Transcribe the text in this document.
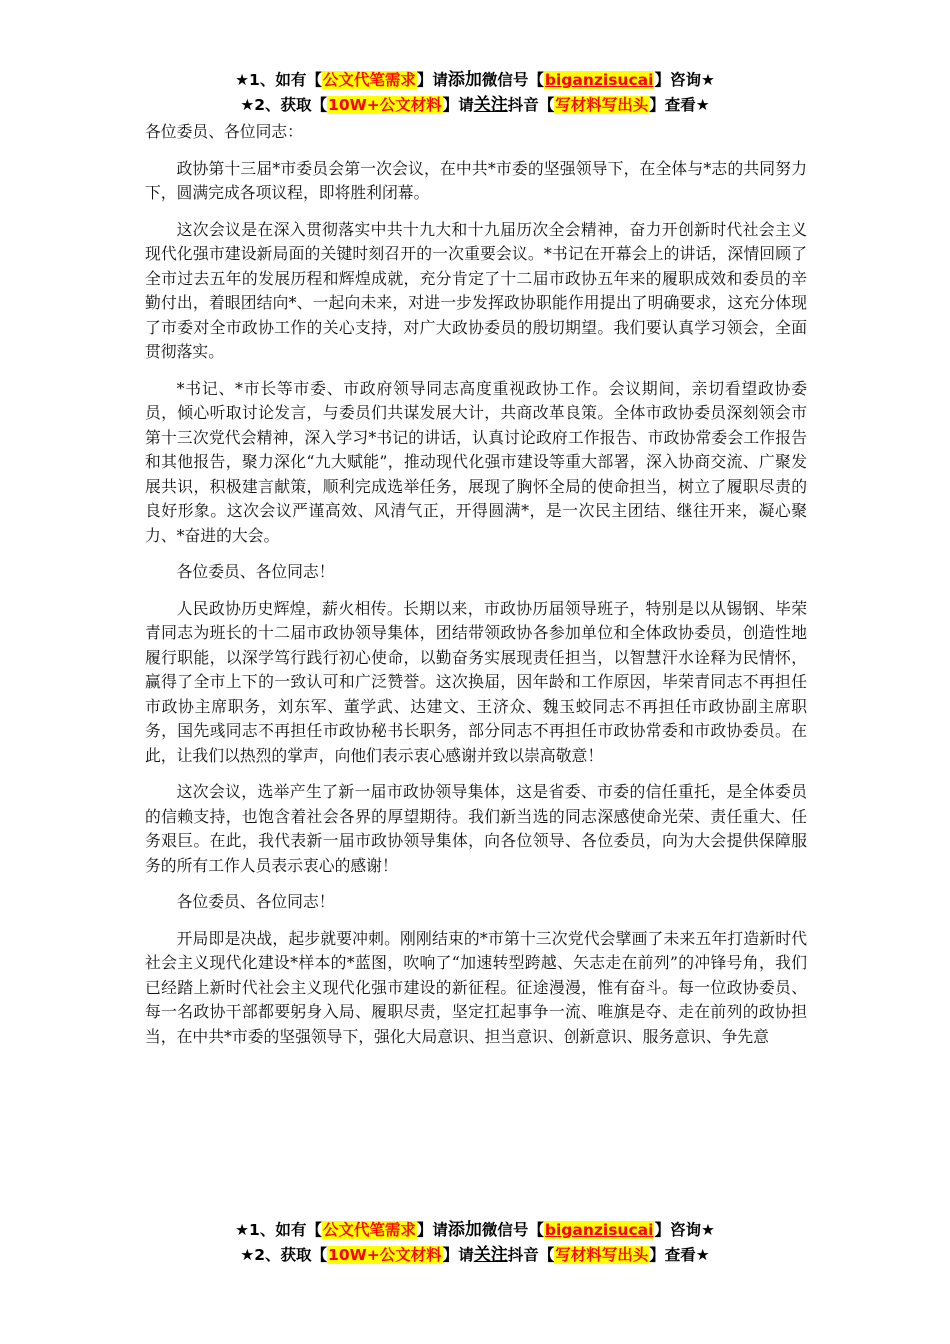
★1、如有【公文代笔需求】请添加微信号【biganzisucai】咨询★
★2、获取【10W+公文材料】请关注抖音【写材料写出头】查看★

各位委员、各位同志：

政协第十三届*市委员会第一次会议，在中共*市委的坚强领导下，在全体与*志的共同努力下，圆满完成各项议程，即将胜利闭幕。

这次会议是在深入贯彻落实中共十九大和十九届历次全会精神，奋力开创新时代社会主义现代化强市建设新局面的关键时刻召开的一次重要会议。*书记在开幕会上的讲话，深情回顾了全市过去五年的发展历程和辉煌成就，充分肯定了十二届市政协五年来的履职成效和委员的辛勤付出，着眼团结向*、一起向未来，对进一步发挥政协职能作用提出了明确要求，这充分体现了市委对全市政协工作的关心支持，对广大政协委员的殷切期望。我们要认真学习领会，全面贯彻落实。

*书记、*市长等市委、市政府领导同志高度重视政协工作。会议期间，亲切看望政协委员，倾心听取讨论发言，与委员们共谋发展大计，共商改革良策。全体市政协委员深刻领会市第十三次党代会精神，深入学习*书记的讲话，认真讨论政府工作报告、市政协常委会工作报告和其他报告，聚力深化“九大赋能”，推动现代化强市建设等重大部署，深入协商交流、广聚发展共识，积极建言献策，顺利完成选举任务，展现了胸怀全局的使命担当，树立了履职尽责的良好形象。这次会议严谨高效、风清气正，开得圆满*，是一次民主团结、继往开来，凝心聚力、*奋进的大会。

各位委员、各位同志！

人民政协历史辉煌，薪火相传。长期以来，市政协历届领导班子，特别是以从锡钢、毕荣青同志为班长的十二届市政协领导集体，团结带领政协各参加单位和全体政协委员，创造性地履行职能，以深学笃行践行初心使命，以勤奋务实展现责任担当，以智慧汗水诠释为民情怀，赢得了全市上下的一致认可和广泛赞誉。这次换届，因年龄和工作原因，毕荣青同志不再担任市政协主席职务，刘东军、董学武、达建文、王济众、魏玉蛟同志不再担任市政协副主席职务，国先彧同志不再担任市政协秘书长职务，部分同志不再担任市政协常委和市政协委员。在此，让我们以热烈的掌声，向他们表示衷心感谢并致以崇高敬意！

这次会议，选举产生了新一届市政协领导集体，这是省委、市委的信任重托，是全体委员的信赖支持，也饱含着社会各界的厚望期待。我们新当选的同志深感使命光荣、责任重大、任务艰巨。在此，我代表新一届市政协领导集体，向各位领导、各位委员，向为大会提供保障服务的所有工作人员表示衷心的感谢！

各位委员、各位同志！

开局即是决战，起步就要冲刺。刚刚结束的*市第十三次党代会擘画了未来五年打造新时代社会主义现代化建设*样本的*蓝图，吹响了“加速转型跨越、矢志走在前列”的冲锋号角，我们已经踏上新时代社会主义现代化强市建设的新征程。征途漫漫，惟有奋斗。每一位政协委员、每一名政协干部都要躬身入局、履职尽责，坚定扛起事争一流、唯旗是夺、走在前列的政协担当，在中共*市委的坚强领导下，强化大局意识、担当意识、创新意识、服务意识、争先意

★1、如有【公文代笔需求】请添加微信号【biganzisucai】咨询★
★2、获取【10W+公文材料】请关注抖音【写材料写出头】查看★
